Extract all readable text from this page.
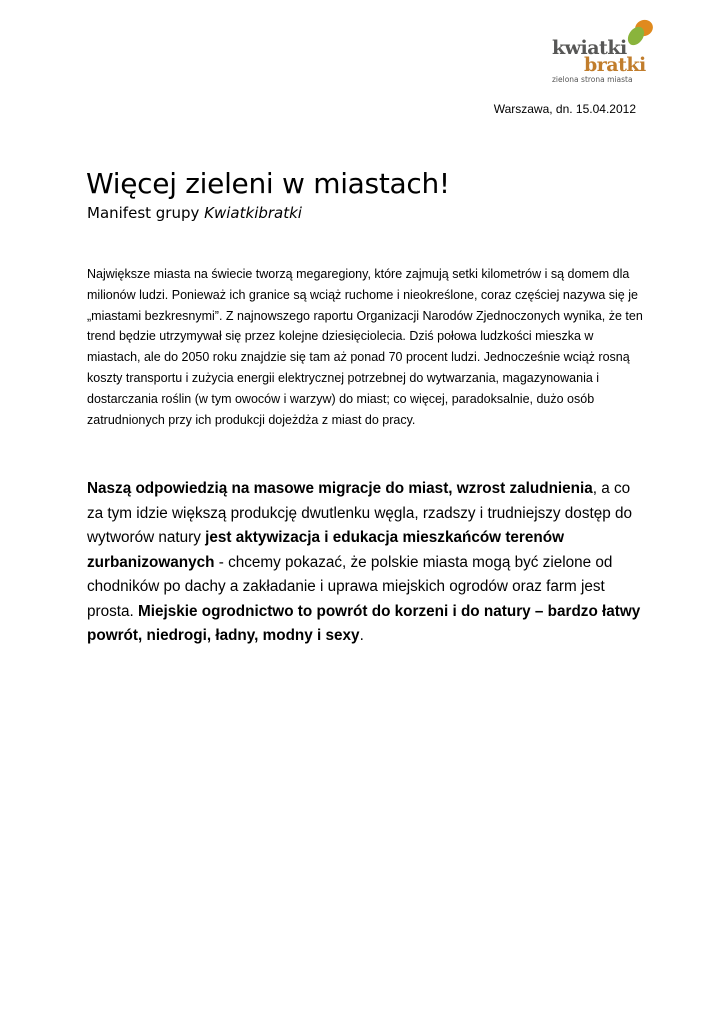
kwiatki
bratki
zielona strona miasta
Warszawa, dn. 15.04.2012
Więcej zieleni w miastach!
Manifest grupy Kwiatkibratki

Największe miasta na świecie tworzą megaregiony, które zajmują setki kilometrów i są domem dla milionów ludzi. Ponieważ ich granice są wciąż ruchome i nieokreślone, coraz częściej nazywa się je „miastami bezkresnymi”. Z najnowszego raportu Organizacji Narodów Zjednoczonych wynika, że ten trend będzie utrzymywał się przez kolejne dziesięciolecia. Dziś połowa ludzkości mieszka w miastach, ale do 2050 roku znajdzie się tam aż ponad 70 procent ludzi. Jednocześnie wciąż rosną koszty transportu i zużycia energii elektrycznej potrzebnej do wytwarzania, magazynowania i dostarczania roślin (w tym owoców i warzyw) do miast; co więcej, paradoksalnie, dużo osób zatrudnionych przy ich produkcji dojeżdża z miast do pracy.

Naszą odpowiedzią na masowe migracje do miast, wzrost zaludnienia, a co za tym idzie większą produkcję dwutlenku węgla, rzadszy i trudniejszy dostęp do wytworów natury jest aktywizacja i edukacja mieszkańców terenów zurbanizowanych - chcemy pokazać, że polskie miasta mogą być zielone od chodników po dachy a zakładanie i uprawa miejskich ogrodów oraz farm jest prosta. Miejskie ogrodnictwo to powrót do korzeni i do natury – bardzo łatwy powrót, niedrogi, ładny, modny i sexy.
